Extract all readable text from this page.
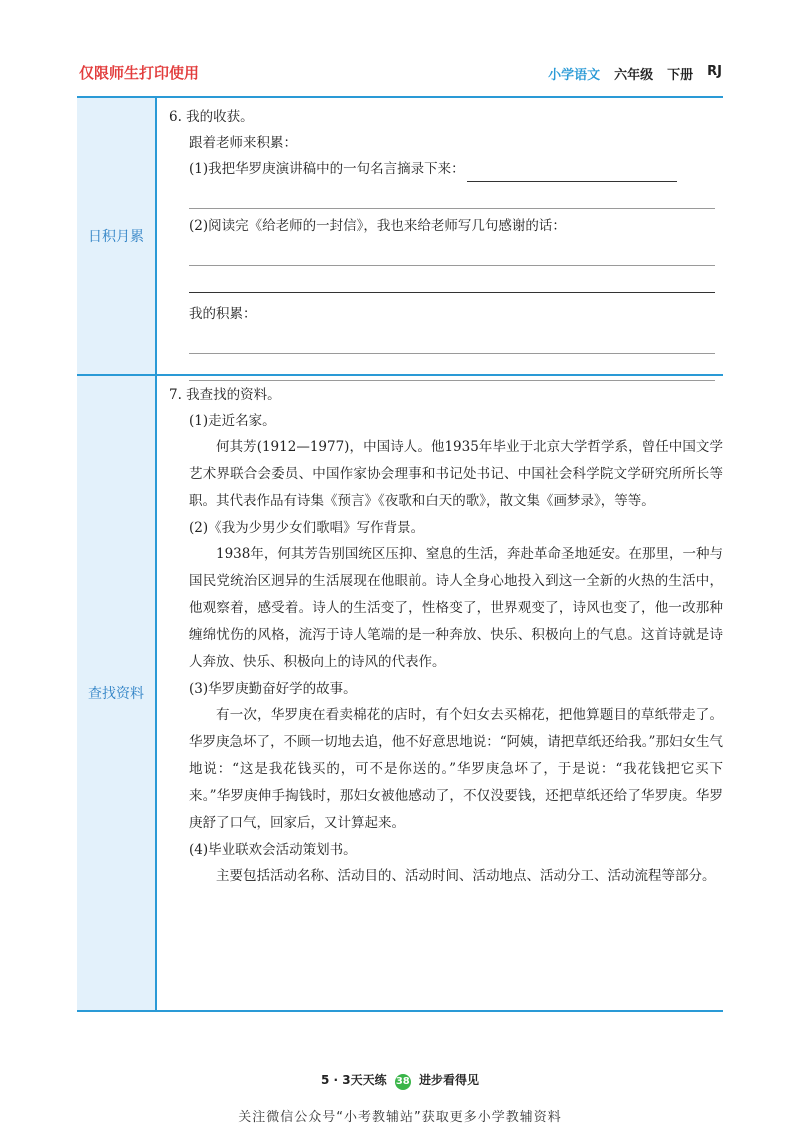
仅限师生打印使用	小学语文 六年级 下册 RJ
日积月累
查找资料
6. 我的收获。
跟着老师来积累：
(1)我把华罗庚演讲稿中的一句名言摘录下来：
(2)阅读完《给老师的一封信》，我也来给老师写几句感谢的话：
我的积累：
7. 我查找的资料。
(1)走近名家。

何其芳(1912—1977)，中国诗人。他1935年毕业于北京大学哲学系，曾任中国文学艺术界联合会委员、中国作家协会理事和书记处书记、中国社会科学院文学研究所所长等职。其代表作品有诗集《预言》《夜歌和白天的歌》，散文集《画梦录》，等等。

(2)《我为少男少女们歌唱》写作背景。

1938年，何其芳告别国统区压抑、窒息的生活，奔赴革命圣地延安。在那里，一种与国民党统治区迥异的生活展现在他眼前。诗人全身心地投入到这一全新的火热的生活中，他观察着，感受着。诗人的生活变了，性格变了，世界观变了，诗风也变了，他一改那种缠绵忧伤的风格，流泻于诗人笔端的是一种奔放、快乐、积极向上的气息。这首诗就是诗人奔放、快乐、积极向上的诗风的代表作。

(3)华罗庚勤奋好学的故事。

有一次，华罗庚在看卖棉花的店时，有个妇女去买棉花，把他算题目的草纸带走了。华罗庚急坏了，不顾一切地去追，他不好意思地说：“阿姨，请把草纸还给我。”那妇女生气地说：“这是我花钱买的，可不是你送的。”华罗庚急坏了，于是说：“我花钱把它买下来。”华罗庚伸手掏钱时，那妇女被他感动了，不仅没要钱，还把草纸还给了华罗庚。华罗庚舒了口气，回家后，又计算起来。

(4)毕业联欢会活动策划书。

主要包括活动名称、活动目的、活动时间、活动地点、活动分工、活动流程等部分。

5 · 3天天练 38 进步看得见
关注微信公众号“小考教辅站”获取更多小学教辅资料
